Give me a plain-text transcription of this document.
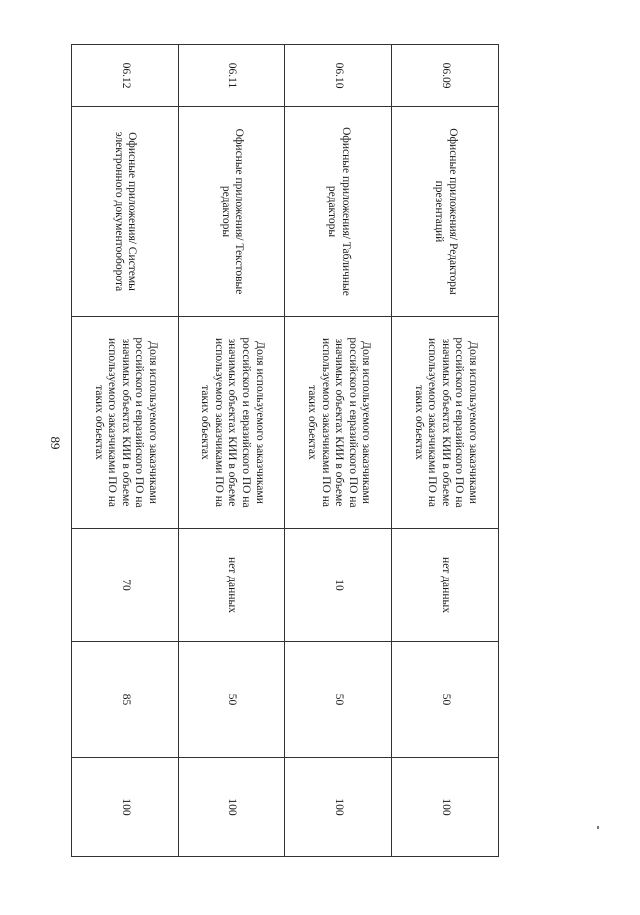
89
06.09	Офисные приложения/ Редакторы презентаций	Доля используемого заказчиками российского и евразийского ПО на значимых объектах КИИ в объеме используемого заказчиками ПО на таких объектах	нет данных	50	100
06.10	Офисные приложения/ Табличные редакторы	Доля используемого заказчиками российского и евразийского ПО на значимых объектах КИИ в объеме используемого заказчиками ПО на таких объектах	10	50	100
06.11	Офисные приложения/ Текстовые редакторы	Доля используемого заказчиками российского и евразийского ПО на значимых объектах КИИ в объеме используемого заказчиками ПО на таких объектах	нет данных	50	100
06.12	Офисные приложения/ Системы электронного документооборота	Доля используемого заказчиками российского и евразийского ПО на значимых объектах КИИ в объеме используемого заказчиками ПО на таких объектах	70	85	100
